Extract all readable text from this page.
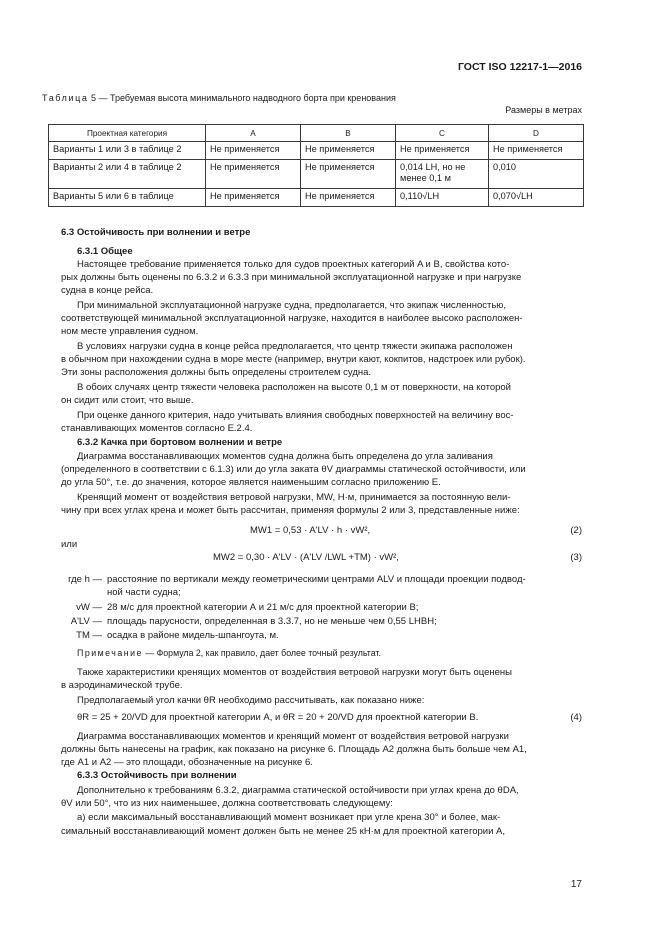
ГОСТ ISO 12217-1—2016
Таблица 5 — Требуемая высота минимального надводного борта при кренования
Размеры в метрах
Проектная категория	A	B	C	D
Варианты 1 или 3 в таблице 2	Не применяется	Не применяется	Не применяется	Не применяется
Варианты 2 или 4 в таблице 2	Не применяется	Не применяется	0,014 LH, но не менее 0,1 м	0,010
Варианты 5 или 6 в таблице	Не применяется	Не применяется	0,110√LH	0,070√LH
6.3 Остойчивость при волнении и ветре
6.3.1 Общее
Настоящее требование применяется только для судов проектных категорий A и B, свойства кото-
рых должны быть оценены по 6.3.2 и 6.3.3 при минимальной эксплуатационной нагрузке и при нагрузке
судна в конце рейса.
При минимальной эксплуатационной нагрузке судна, предполагается, что экипаж численностью,
соответствующей минимальной эксплуатационной нагрузке, находится в наиболее высоко расположен-
ном месте управления судном.
В условиях нагрузки судна в конце рейса предполагается, что центр тяжести экипажа расположен
в обычном при нахождении судна в море месте (например, внутри кают, кокпитов, надстроек или рубок).
Эти зоны расположения должны быть определены строителем судна.
В обоих случаях центр тяжести человека расположен на высоте 0,1 м от поверхности, на которой
он сидит или стоит, что выше.
При оценке данного критерия, надо учитывать влияния свободных поверхностей на величину вос-
станавливающих моментов согласно Е.2.4.
6.3.2 Качка при бортовом волнении и ветре
Диаграмма восстанавливающих моментов судна должна быть определена до угла заливания
(определенного в соответствии с 6.1.3) или до угла заката θV диаграммы статической остойчивости, или
до угла 50°, т.е. до значения, которое является наименьшим согласно приложению Е.
Кренящий момент от воздействия ветровой нагрузки, MW, Н·м, принимается за постоянную вели-
чину при всех углах крена и может быть рассчитан, применяя формулы 2 или 3, представленные ниже:
MW1 = 0,53 · A'LV · h · vW²,	(2)
или
MW2 = 0,30 · A'LV · (A'LV /LWL +TM) · vW²,	(3)
где h — расстояние по вертикали между геометрическими центрами ALV и площади проекции подвод-
ной части судна;
vW — 28 м/с для проектной категории А и 21 м/с для проектной категории В;
A'LV — площадь парусности, определенная в 3.3.7, но не меньше чем 0,55 LHBH;
TM — осадка в районе мидель-шпангоута, м.
Примечание — Формула 2, как правило, дает более точный результат.
Также характеристики кренящих моментов от воздействия ветровой нагрузки могут быть оценены
в аэродинамической трубе.
Предполагаемый угол качки θR необходимо рассчитывать, как показано ниже:
θR = 25 + 20/VD для проектной категории A, и θR = 20 + 20/VD для проектной категории B.	(4)
Диаграмма восстанавливающих моментов и кренящий момент от воздействия ветровой нагрузки
должны быть нанесены на график, как показано на рисунке 6. Площадь A2 должна быть больше чем A1,
где A1 и A2 — это площади, обозначенные на рисунке 6.
6.3.3 Остойчивость при волнении
Дополнительно к требованиям 6.3.2, диаграмма статической остойчивости при углах крена до θDA,
θV или 50°, что из них наименьшее, должна соответствовать следующему:
а) если максимальный восстанавливающий момент возникает при угле крена 30° и более, мак-
симальный восстанавливающий момент должен быть не менее 25 кН·м для проектной категории А,
17
